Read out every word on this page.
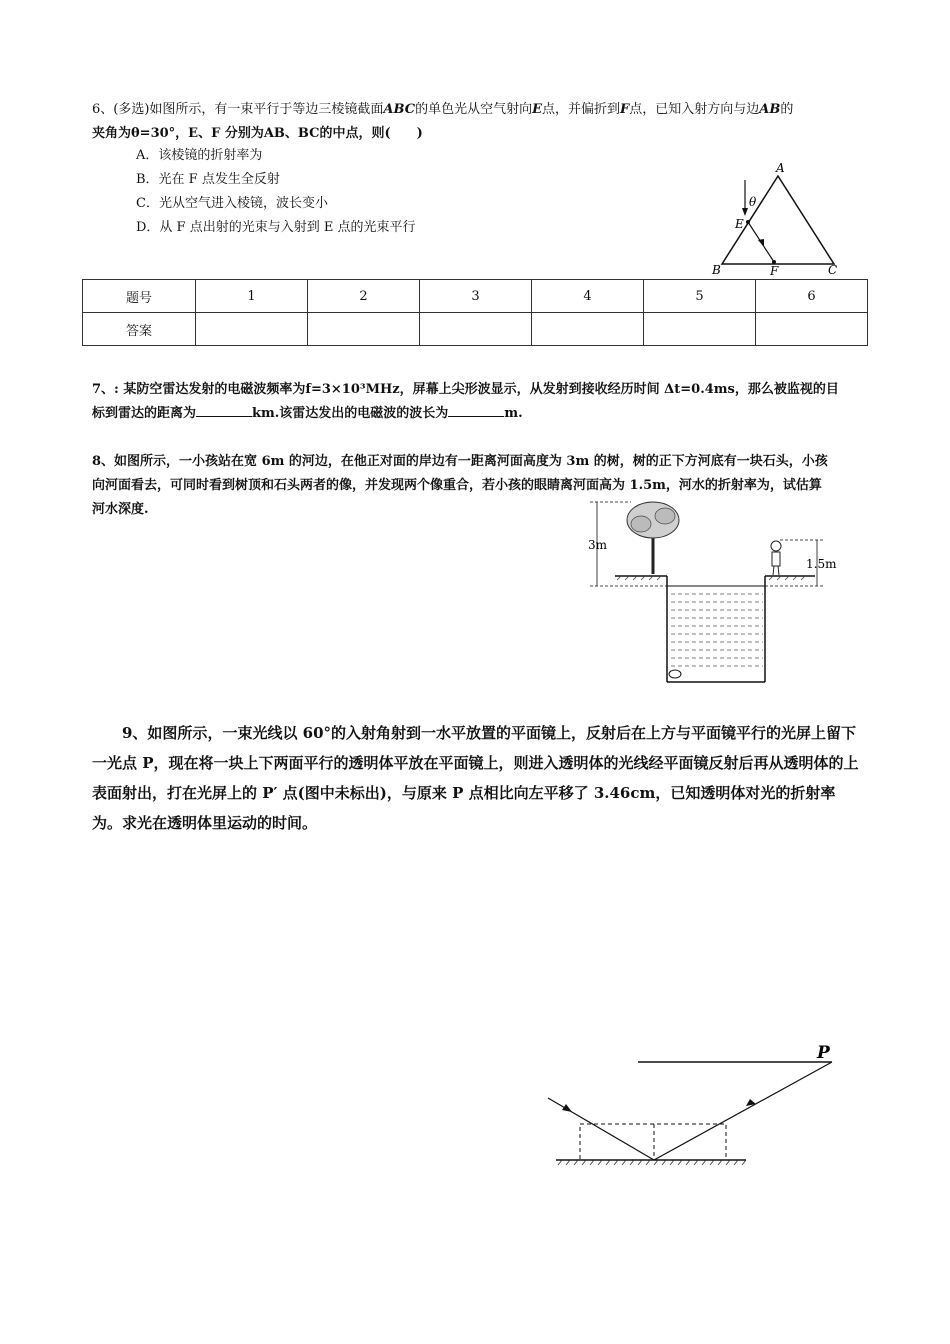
6、(多选)如图所示，有一束平行于等边三棱镜截面ABC的单色光从空气射向E点，并偏折到F点，已知入射方向与边AB的
夹角为θ=30°，E、F 分别为AB、BC的中点，则(　　)
A．该棱镜的折射率为
B．光在 F 点发生全反射
C．光从空气进入棱镜，波长变小
D．从 F 点出射的光束与入射到 E 点的光束平行
A
B	C
E
F
θ
题号	1	2	3	4	5	6
答案						
7、: 某防空雷达发射的电磁波频率为f=3×10³MHz，屏幕上尖形波显示，从发射到接收经历时间 Δt=0.4ms，那么被监视的目
标到雷达的距离为	km.该雷达发出的电磁波的波长为	m.
8、如图所示，一小孩站在宽 6m 的河边，在他正对面的岸边有一距离河面高度为 3m 的树，树的正下方河底有一块石头，小孩
向河面看去，可同时看到树顶和石头两者的像，并发现两个像重合，若小孩的眼睛离河面高为 1.5m，河水的折射率为，试估算
河水深度.
3m
1.5m
9、如图所示，一束光线以 60°的入射角射到一水平放置的平面镜上，反射后在上方与平面镜平行的光屏上留下一光点 P，现在将一块上下两面平行的透明体平放在平面镜上，则进入透明体的光线经平面镜反射后再从透明体的上表面射出，打在光屏上的 P′ 点(图中未标出)，与原来 P 点相比向左平移了 3.46cm，已知透明体对光的折射率为。求光在透明体里运动的时间。
P
